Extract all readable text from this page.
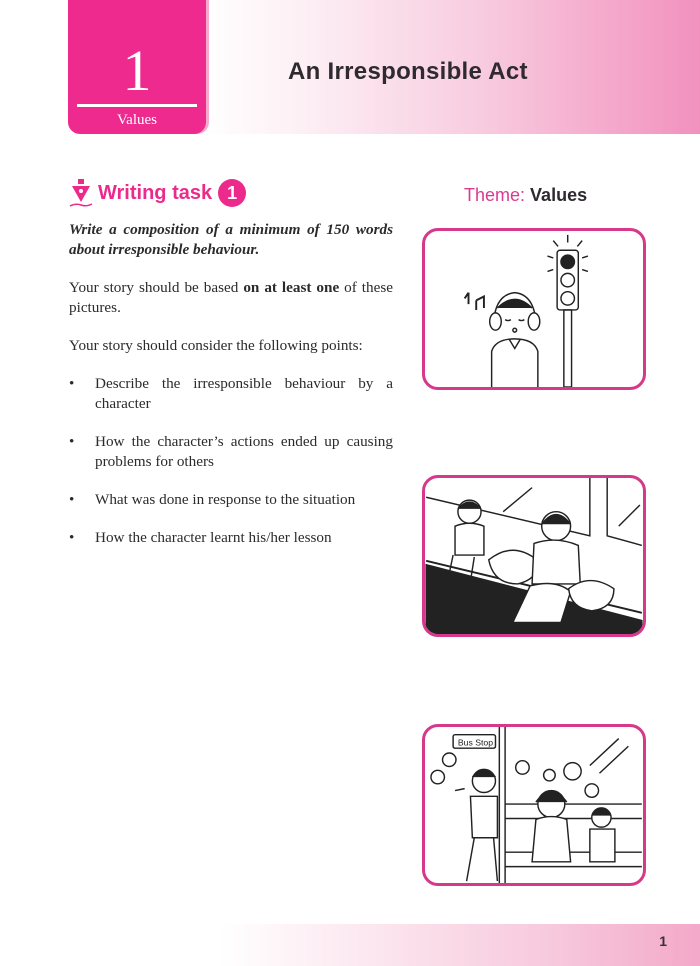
1
Values
An Irresponsible Act
Writing task 1	Theme: Values

Write a composition of a minimum of 150 words about irresponsible behaviour.

Your story should be based on at least one of these pictures.

Your story should consider the following points:

• Describe the irresponsible behaviour by a character
• How the character’s actions ended up causing problems for others
• What was done in response to the situation
• How the character learnt his/her lesson
Bus Stop
1
